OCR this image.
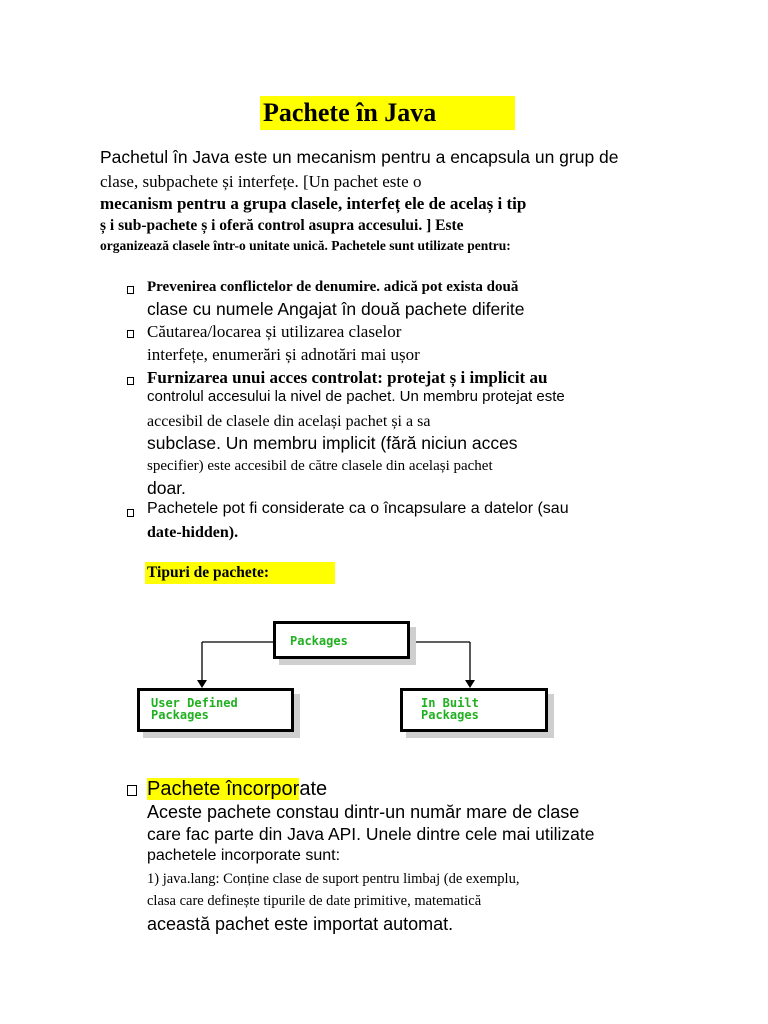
Pachete în Java
Pachetul în Java este un mecanism pentru a encapsula un grup de
clase, subpachete și interfețe. [Un pachet este o
mecanism pentru a grupa clasele, interfeț ele de acelaș i tip
ș i sub-pachete ș i oferă control asupra accesului. ] Este
organizează clasele într-o unitate unică. Pachetele sunt utilizate pentru:
Prevenirea conflictelor de denumire. adică pot exista două
clase cu numele Angajat în două pachete diferite
Căutarea/locarea și utilizarea claselor
interfețe, enumerări și adnotări mai ușor
Furnizarea unui acces controlat: protejat ș i implicit au
controlul accesului la nivel de pachet. Un membru protejat este
accesibil de clasele din același pachet și a sa
subclase. Un membru implicit (fără niciun acces
specifier) este accesibil de către clasele din același pachet
doar.
Pachetele pot fi considerate ca o încapsulare a datelor (sau
date-hidden).
Tipuri de pachete:
Packages
User Defined
Packages
In Built
Packages
Pachete încorporate
Aceste pachete constau dintr-un număr mare de clase
care fac parte din Java API. Unele dintre cele mai utilizate
pachetele incorporate sunt:
1) java.lang: Conține clase de suport pentru limbaj (de exemplu,
clasa care definește tipurile de date primitive, matematică
această pachet este importat automat.
